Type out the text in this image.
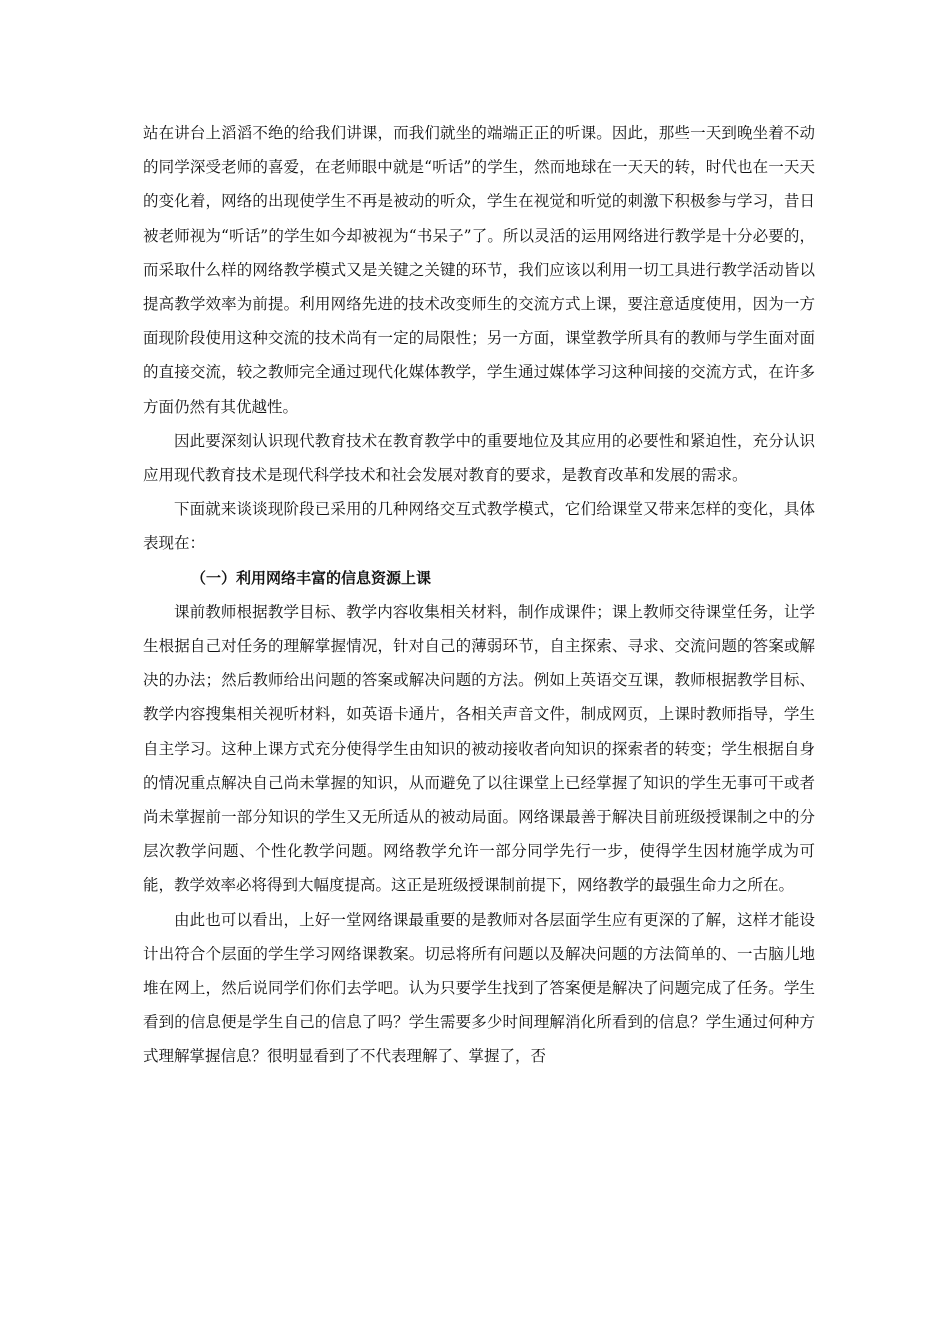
站在讲台上滔滔不绝的给我们讲课，而我们就坐的端端正正的听课。因此，那些一天到晚坐着不动的同学深受老师的喜爱，在老师眼中就是“听话”的学生，然而地球在一天天的转，时代也在一天天的变化着，网络的出现使学生不再是被动的听众，学生在视觉和听觉的刺激下积极参与学习，昔日被老师视为“听话”的学生如今却被视为“书呆子”了。所以灵活的运用网络进行教学是十分必要的，而采取什么样的网络教学模式又是关键之关键的环节，我们应该以利用一切工具进行教学活动皆以提高教学效率为前提。利用网络先进的技术改变师生的交流方式上课，要注意适度使用，因为一方面现阶段使用这种交流的技术尚有一定的局限性；另一方面，课堂教学所具有的教师与学生面对面的直接交流，较之教师完全通过现代化媒体教学，学生通过媒体学习这种间接的交流方式，在许多方面仍然有其优越性。

因此要深刻认识现代教育技术在教育教学中的重要地位及其应用的必要性和紧迫性，充分认识应用现代教育技术是现代科学技术和社会发展对教育的要求，是教育改革和发展的需求。

下面就来谈谈现阶段已采用的几种网络交互式教学模式，它们给课堂又带来怎样的变化，具体表现在：

（一）利用网络丰富的信息资源上课

课前教师根据教学目标、教学内容收集相关材料，制作成课件；课上教师交待课堂任务，让学生根据自己对任务的理解掌握情况，针对自己的薄弱环节，自主探索、寻求、交流问题的答案或解决的办法；然后教师给出问题的答案或解决问题的方法。例如上英语交互课，教师根据教学目标、教学内容搜集相关视听材料，如英语卡通片，各相关声音文件，制成网页，上课时教师指导，学生自主学习。这种上课方式充分使得学生由知识的被动接收者向知识的探索者的转变；学生根据自身的情况重点解决自己尚未掌握的知识，从而避免了以往课堂上已经掌握了知识的学生无事可干或者尚未掌握前一部分知识的学生又无所适从的被动局面。网络课最善于解决目前班级授课制之中的分层次教学问题、个性化教学问题。网络教学允许一部分同学先行一步，使得学生因材施学成为可能，教学效率必将得到大幅度提高。这正是班级授课制前提下，网络教学的最强生命力之所在。

由此也可以看出，上好一堂网络课最重要的是教师对各层面学生应有更深的了解，这样才能设计出符合个层面的学生学习网络课教案。切忌将所有问题以及解决问题的方法简单的、一古脑儿地堆在网上，然后说同学们你们去学吧。认为只要学生找到了答案便是解决了问题完成了任务。学生看到的信息便是学生自己的信息了吗？学生需要多少时间理解消化所看到的信息？学生通过何种方式理解掌握信息？很明显看到了不代表理解了、掌握了，否
